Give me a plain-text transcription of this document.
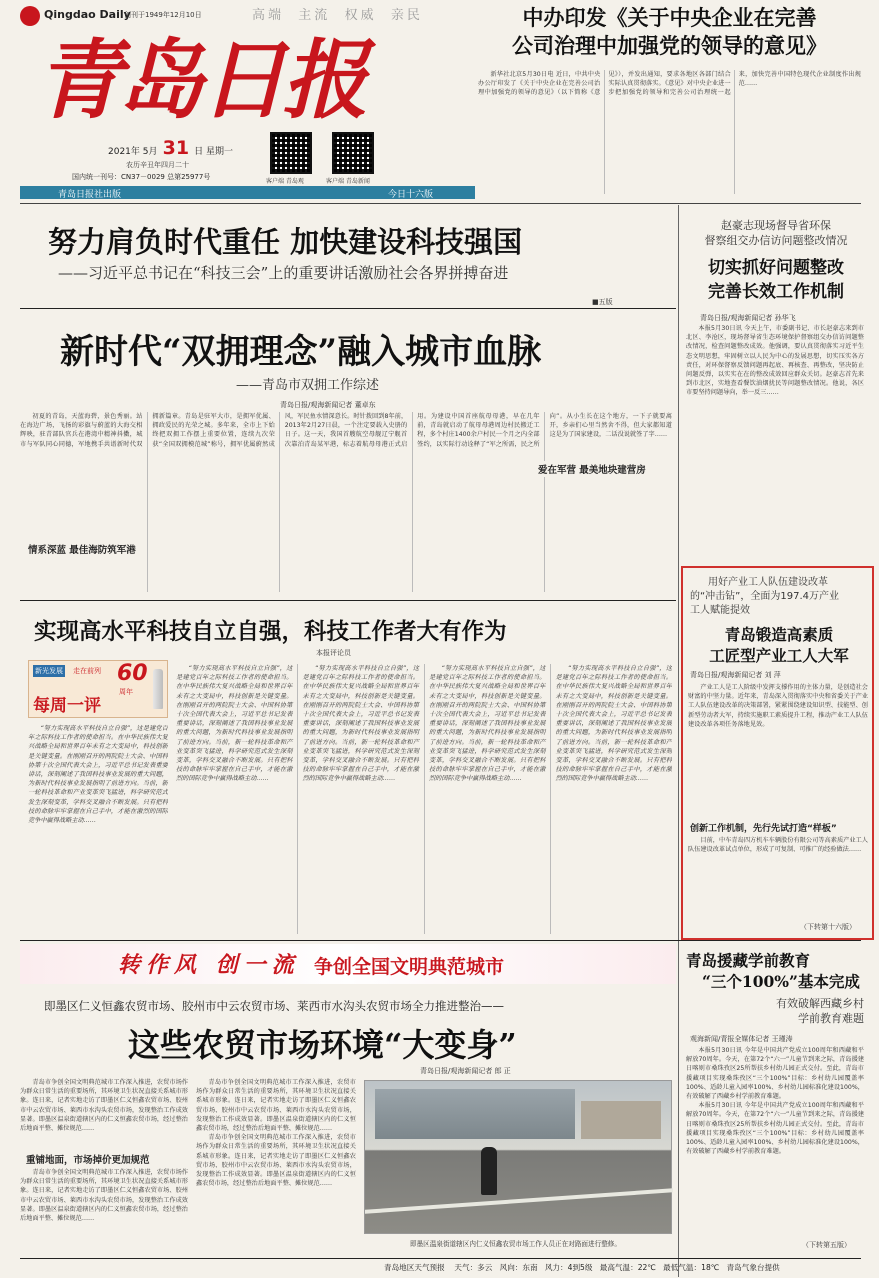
Qingdao Daily
创刊于1949年12月10日	高端 主流 权威 亲民
青岛日报
2021年 5月 31 日 星期一
农历辛丑年四月二十
国内统一刊号：CN37－0029 总第25977号
客户端 青岛观	客户端 青岛新闻
青岛日报社出版	今日十六版
中办印发《关于中央企业在完善
公司治理中加强党的领导的意见》

新华社北京5月30日电 近日，中共中央办公厅印发了《关于中央企业在完善公司治理中加强党的领导的意见》（以下简称《意见》），并发出通知，要求各地区各部门结合实际认真贯彻落实。《意见》对中央企业进一步把加强党的领导和完善公司治理统一起来，加快完善中国特色现代企业制度作出规范……

努力肩负时代重任 加快建设科技强国
——习近平总书记在“科技三会”上的重要讲话激励社会各界拼搏奋进
■五版
新时代“双拥理念”融入城市血脉
——青岛市双拥工作综述
青岛日报/观海新闻记者 董卓东

初夏的青岛，天蓝海碧，景色秀丽。站在海边广场，飞扬的彩旗与蔚蓝的大海交相辉映，驻青部队官兵在港湾中精神抖擞，城市与军队同心同德，军地携手共谱新时代双拥新篇章。青岛是驻军大市，是拥军优属、拥政爱民的光荣之城。多年来，全市上下始终把双拥工作摆上重要位置，连续九次荣获“全国双拥模范城”称号，拥军优属蔚然成风，军民鱼水情深意长。时针拨回到8年前，2013年2月27日晨，一个注定要载入史册的日子。这一天，我国首艘航空母舰辽宁舰首次靠泊青岛某军港，标志着航母母港正式启用。为建设中国首座航母母港，早在几年前，青岛就启动了航母母港周边村民搬迁工程，多个村庄1400余户村民一个月之内全部签约，以实际行动诠释了“军之所需，民之所向”。从小生长在这个地方，一下子就要离开，乡亲们心里当然舍不得，但大家都知道这是为了国家建设，二话没说就签了字……

情系深蓝 最佳海防筑军港
爱在军营 最美地块建营房
赵豪志现场督导省环保
督察组交办信访问题整改情况
切实抓好问题整改
完善长效工作机制
青岛日报/观海新闻记者 孙华飞

本报5月30日讯 今天上午，市委副书记、市长赵豪志来到市北区、李沧区，现场督导省生态环境保护督察组交办信访问题整改情况，检查问题整改成效。他强调，要认真贯彻落实习近平生态文明思想，牢固树立以人民为中心的发展思想，切实压实各方责任，对环保督察反馈问题再起底、再核查、再整改，坚决防止问题反弹，以实实在在的整改成效回应群众关切。赵豪志首先来到市北区，实地查看餐饮油烟扰民等问题整改情况。他说，各区市要坚持问题导向，举一反三……

用好产业工人队伍建设改革
的“冲击钻”，全面为197.4万产业
工人赋能提效
青岛锻造高素质
工匠型产业工人大军
青岛日报/观海新闻记者 刘 萍

产业工人是工人阶级中发挥支撑作用的主体力量，是创造社会财富的中坚力量。近年来，青岛深入贯彻落实中央和省委关于产业工人队伍建设改革的决策部署，紧紧围绕建设知识型、技能型、创新型劳动者大军，持续实施职工素质提升工程，推动产业工人队伍建设改革各项任务落地见效。

创新工作机制，先行先试打造“样板”

目前，中车青岛四方机车车辆股份有限公司等高素质产业工人队伍建设改革试点单位，形成了可复制、可推广的经验做法……

（下转第十六版）
实现高水平科技自立自强，科技工作者大有作为
本报评论员
新光发展 走在前列 60
周年
每周一评

“努力实现高水平科技自立自强”，这是建党百年之际科技工作者的使命担当。在中华民族伟大复兴战略全局和世界百年未有之大变局中，科技创新是关键变量。在刚刚召开的两院院士大会、中国科协第十次全国代表大会上，习近平总书记发表重要讲话，深刻阐述了我国科技事业发展的重大问题，为新时代科技事业发展指明了前进方向。当前，新一轮科技革命和产业变革突飞猛进，科学研究范式发生深刻变革，学科交叉融合不断发展。只有把科技的命脉牢牢掌握在自己手中，才能在激烈的国际竞争中赢得战略主动……

“努力实现高水平科技自立自强”，这是建党百年之际科技工作者的使命担当。在中华民族伟大复兴战略全局和世界百年未有之大变局中，科技创新是关键变量。在刚刚召开的两院院士大会、中国科协第十次全国代表大会上，习近平总书记发表重要讲话，深刻阐述了我国科技事业发展的重大问题，为新时代科技事业发展指明了前进方向。当前，新一轮科技革命和产业变革突飞猛进，科学研究范式发生深刻变革，学科交叉融合不断发展。只有把科技的命脉牢牢掌握在自己手中，才能在激烈的国际竞争中赢得战略主动……

“努力实现高水平科技自立自强”，这是建党百年之际科技工作者的使命担当。在中华民族伟大复兴战略全局和世界百年未有之大变局中，科技创新是关键变量。在刚刚召开的两院院士大会、中国科协第十次全国代表大会上，习近平总书记发表重要讲话，深刻阐述了我国科技事业发展的重大问题，为新时代科技事业发展指明了前进方向。当前，新一轮科技革命和产业变革突飞猛进，科学研究范式发生深刻变革，学科交叉融合不断发展。只有把科技的命脉牢牢掌握在自己手中，才能在激烈的国际竞争中赢得战略主动……

“努力实现高水平科技自立自强”，这是建党百年之际科技工作者的使命担当。在中华民族伟大复兴战略全局和世界百年未有之大变局中，科技创新是关键变量。在刚刚召开的两院院士大会、中国科协第十次全国代表大会上，习近平总书记发表重要讲话，深刻阐述了我国科技事业发展的重大问题，为新时代科技事业发展指明了前进方向。当前，新一轮科技革命和产业变革突飞猛进，科学研究范式发生深刻变革，学科交叉融合不断发展。只有把科技的命脉牢牢掌握在自己手中，才能在激烈的国际竞争中赢得战略主动……

“努力实现高水平科技自立自强”，这是建党百年之际科技工作者的使命担当。在中华民族伟大复兴战略全局和世界百年未有之大变局中，科技创新是关键变量。在刚刚召开的两院院士大会、中国科协第十次全国代表大会上，习近平总书记发表重要讲话，深刻阐述了我国科技事业发展的重大问题，为新时代科技事业发展指明了前进方向。当前，新一轮科技革命和产业变革突飞猛进，科学研究范式发生深刻变革，学科交叉融合不断发展。只有把科技的命脉牢牢掌握在自己手中，才能在激烈的国际竞争中赢得战略主动……

转作风 创一流 争创全国文明典范城市
即墨区仁义恒鑫农贸市场、胶州市中云农贸市场、莱西市水沟头农贸市场全力推进整治——
这些农贸市场环境“大变身”
青岛日报/观海新闻记者 郎 正

青岛市争创全国文明典范城市工作深入推进，农贸市场作为群众日常生活的重要场所，其环境卫生状况直接关系城市形象。连日来，记者实地走访了即墨区仁义恒鑫农贸市场、胶州市中云农贸市场、莱西市水沟头农贸市场，发现整治工作成效显著。即墨区温泉街道辖区内的仁义恒鑫农贸市场，经过整治后地面平整、摊位规范……

重铺地面，市场掉价更加规范

青岛市争创全国文明典范城市工作深入推进，农贸市场作为群众日常生活的重要场所，其环境卫生状况直接关系城市形象。连日来，记者实地走访了即墨区仁义恒鑫农贸市场、胶州市中云农贸市场、莱西市水沟头农贸市场，发现整治工作成效显著。即墨区温泉街道辖区内的仁义恒鑫农贸市场，经过整治后地面平整、摊位规范……

青岛市争创全国文明典范城市工作深入推进，农贸市场作为群众日常生活的重要场所，其环境卫生状况直接关系城市形象。连日来，记者实地走访了即墨区仁义恒鑫农贸市场、胶州市中云农贸市场、莱西市水沟头农贸市场，发现整治工作成效显著。即墨区温泉街道辖区内的仁义恒鑫农贸市场，经过整治后地面平整、摊位规范……

青岛市争创全国文明典范城市工作深入推进，农贸市场作为群众日常生活的重要场所，其环境卫生状况直接关系城市形象。连日来，记者实地走访了即墨区仁义恒鑫农贸市场、胶州市中云农贸市场、莱西市水沟头农贸市场，发现整治工作成效显著。即墨区温泉街道辖区内的仁义恒鑫农贸市场，经过整治后地面平整、摊位规范……

即墨区温泉街道辖区内仁义恒鑫农贸市场工作人员正在对路面进行整修。
青岛援藏学前教育
“三个100%”基本完成
有效破解西藏乡村
学前教育难题
观海新闻/青报全媒体记者 王瑾涛

本报5月30日讯 今年是中国共产党成立100周年和西藏和平解放70周年。今天，在第72个“六一”儿童节到来之际，青岛援建日喀则市桑珠孜区25所帮扶乡村幼儿园正式交付。至此，青岛市援藏项目实现桑珠孜区“三个100%”目标：乡村幼儿园覆盖率100%、适龄儿童入园率100%、乡村幼儿园标准化建设100%，有效破解了西藏乡村学前教育难题。

本报5月30日讯 今年是中国共产党成立100周年和西藏和平解放70周年。今天，在第72个“六一”儿童节到来之际，青岛援建日喀则市桑珠孜区25所帮扶乡村幼儿园正式交付。至此，青岛市援藏项目实现桑珠孜区“三个100%”目标：乡村幼儿园覆盖率100%、适龄儿童入园率100%、乡村幼儿园标准化建设100%，有效破解了西藏乡村学前教育难题。

（下转第五版）
青岛地区天气预报 天气：多云 风向：东南 风力：4到5级 最高气温：22℃ 最低气温：18℃ 青岛气象台提供
